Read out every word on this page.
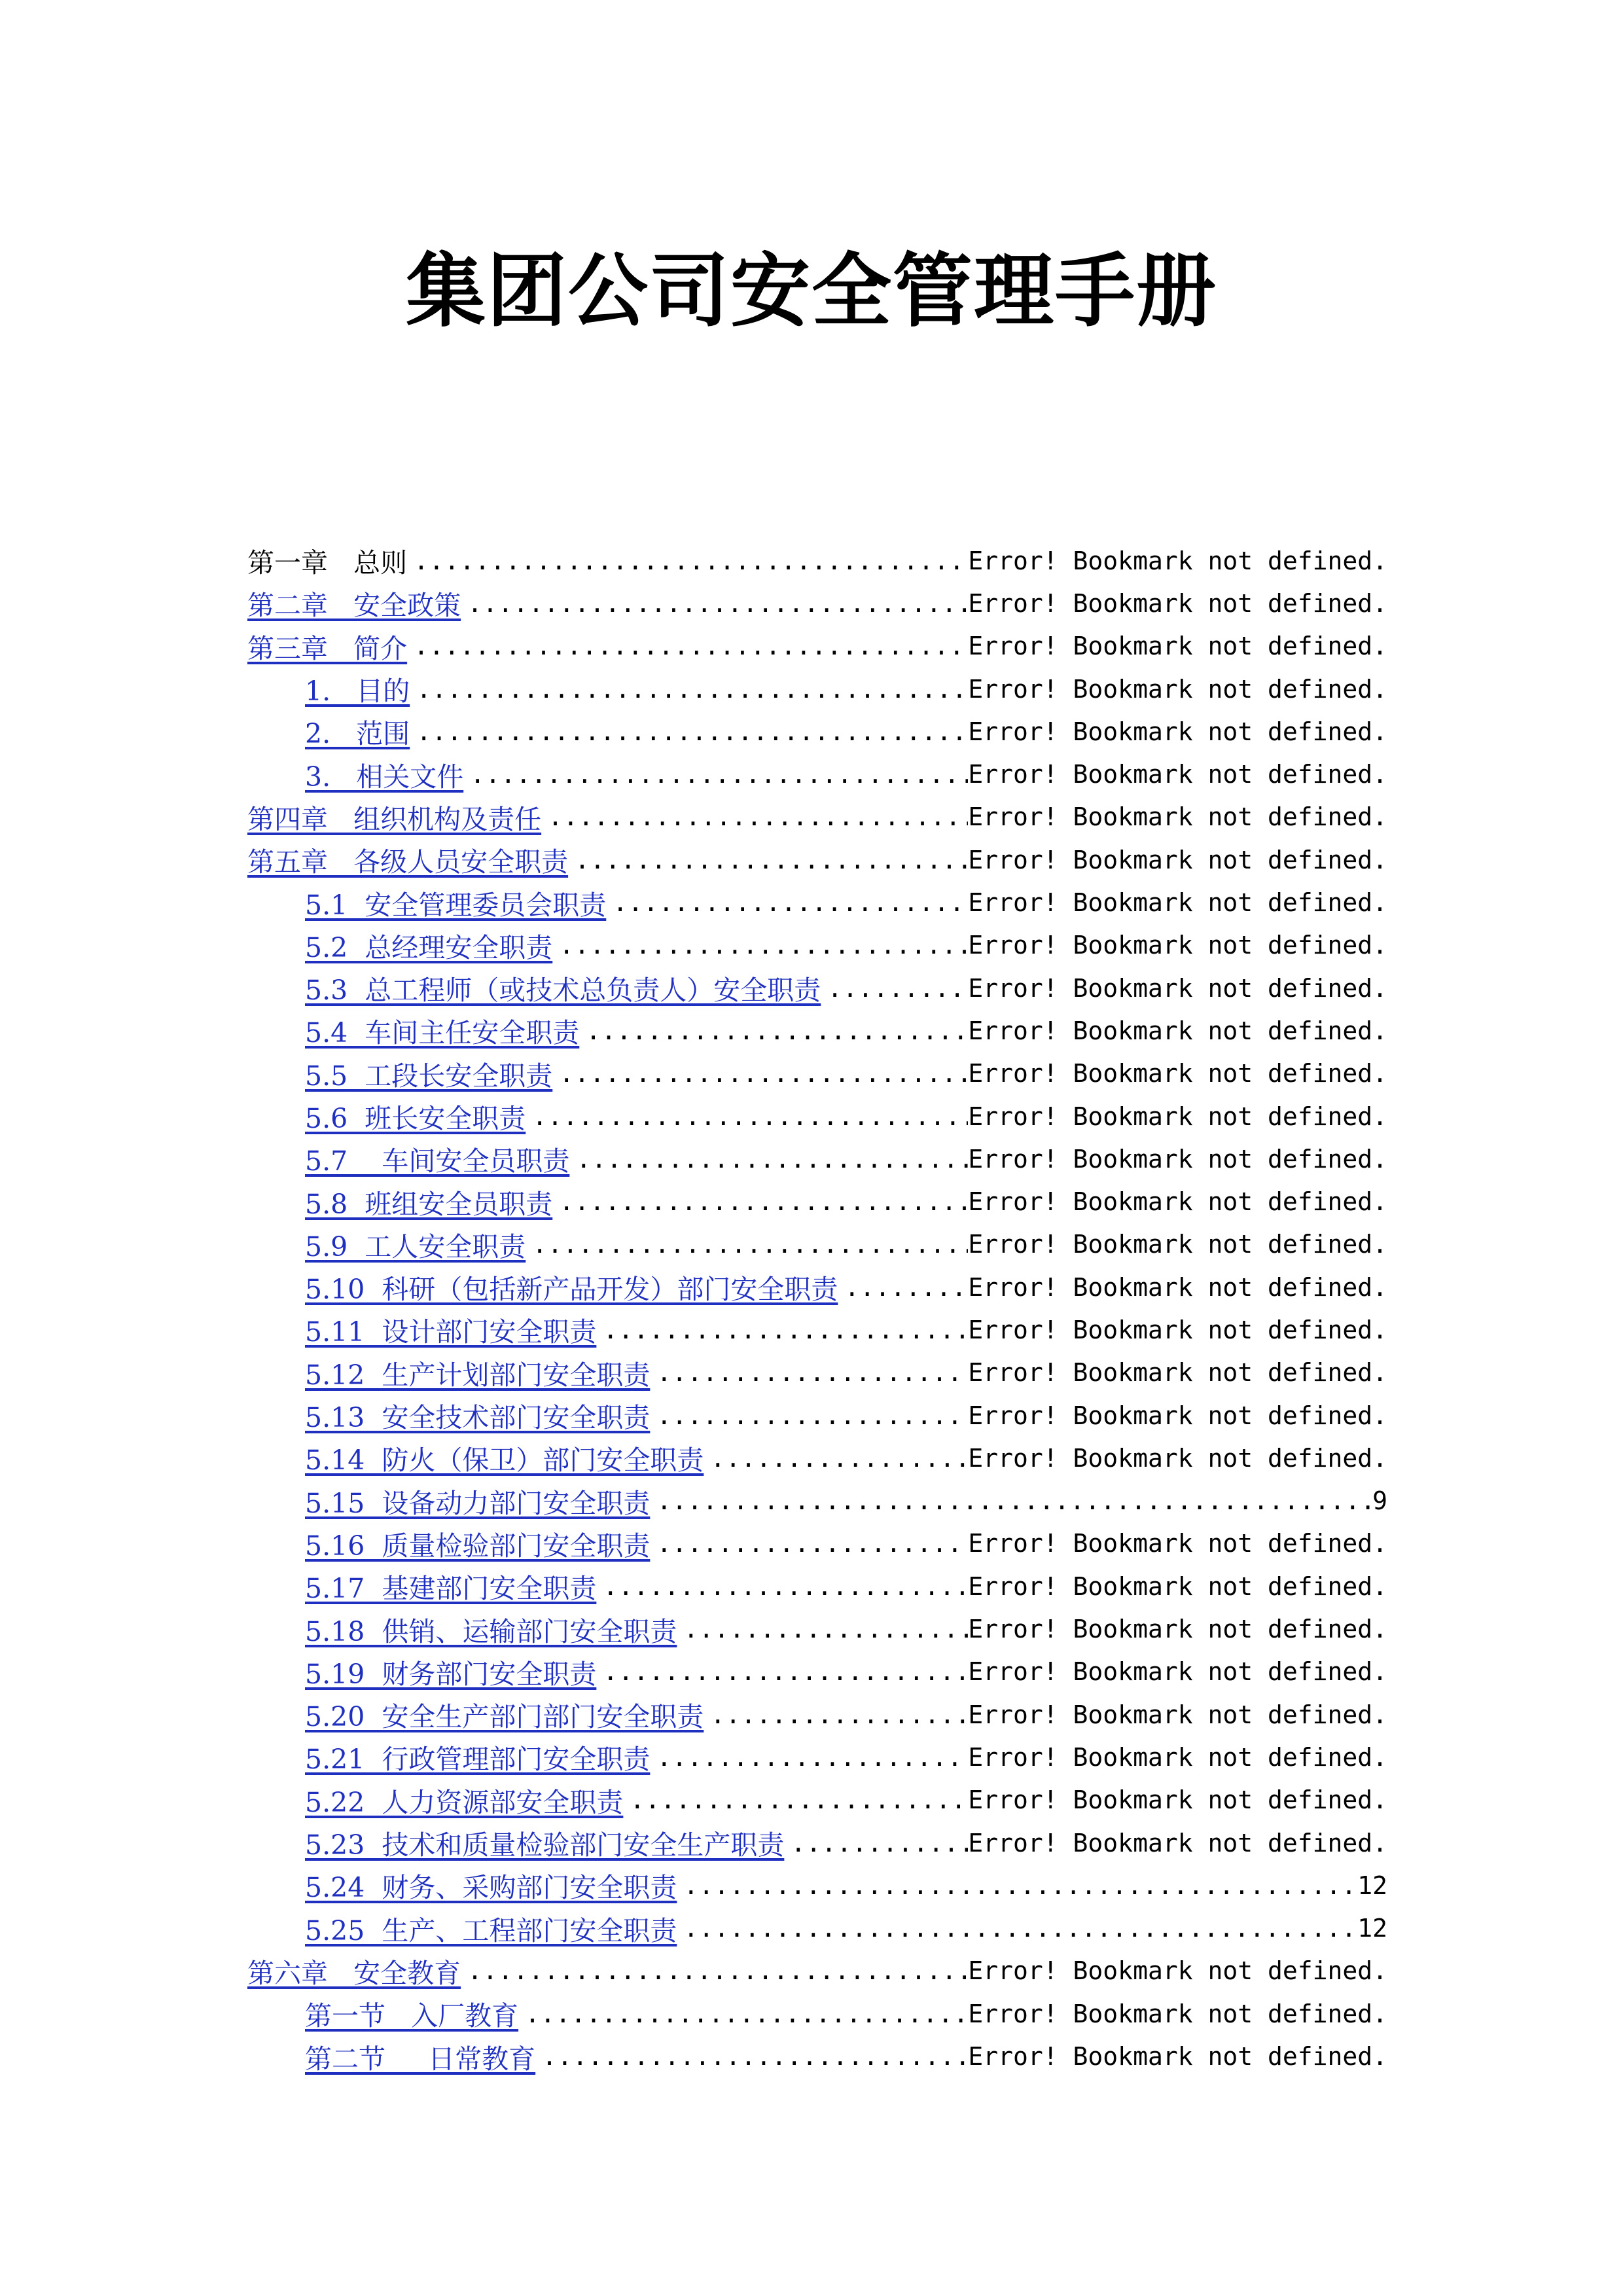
集团公司安全管理手册
第一章   总则 .....	Error! Bookmark not defined.
第二章   安全政策 .....	Error! Bookmark not defined.
第三章   简介 .....	Error! Bookmark not defined.
1.   目的 .....	Error! Bookmark not defined.
2.   范围 .....	Error! Bookmark not defined.
3.   相关文件 .....	Error! Bookmark not defined.
第四章   组织机构及责任 .....	Error! Bookmark not defined.
第五章   各级人员安全职责 .....	Error! Bookmark not defined.
5.1  安全管理委员会职责 .....	Error! Bookmark not defined.
5.2  总经理安全职责 .....	Error! Bookmark not defined.
5.3  总工程师（或技术总负责人）安全职责 .....	Error! Bookmark not defined.
5.4  车间主任安全职责 .....	Error! Bookmark not defined.
5.5  工段长安全职责 .....	Error! Bookmark not defined.
5.6  班长安全职责 .....	Error! Bookmark not defined.
5.7    车间安全员职责 .....	Error! Bookmark not defined.
5.8  班组安全员职责 .....	Error! Bookmark not defined.
5.9  工人安全职责 .....	Error! Bookmark not defined.
5.10  科研（包括新产品开发）部门安全职责 .....	Error! Bookmark not defined.
5.11  设计部门安全职责 .....	Error! Bookmark not defined.
5.12  生产计划部门安全职责 .....	Error! Bookmark not defined.
5.13  安全技术部门安全职责 .....	Error! Bookmark not defined.
5.14  防火（保卫）部门安全职责 .....	Error! Bookmark not defined.
5.15  设备动力部门安全职责 .....	9
5.16  质量检验部门安全职责 .....	Error! Bookmark not defined.
5.17  基建部门安全职责 .....	Error! Bookmark not defined.
5.18  供销、运输部门安全职责 .....	Error! Bookmark not defined.
5.19  财务部门安全职责 .....	Error! Bookmark not defined.
5.20  安全生产部门部门安全职责 .....	Error! Bookmark not defined.
5.21  行政管理部门安全职责 .....	Error! Bookmark not defined.
5.22  人力资源部安全职责 .....	Error! Bookmark not defined.
5.23  技术和质量检验部门安全生产职责 .....	Error! Bookmark not defined.
5.24  财务、采购部门安全职责 .....	12
5.25  生产、工程部门安全职责 .....	12
第六章   安全教育 .....	Error! Bookmark not defined.
第一节   入厂教育 .....	Error! Bookmark not defined.
第二节     日常教育 .....	Error! Bookmark not defined.
